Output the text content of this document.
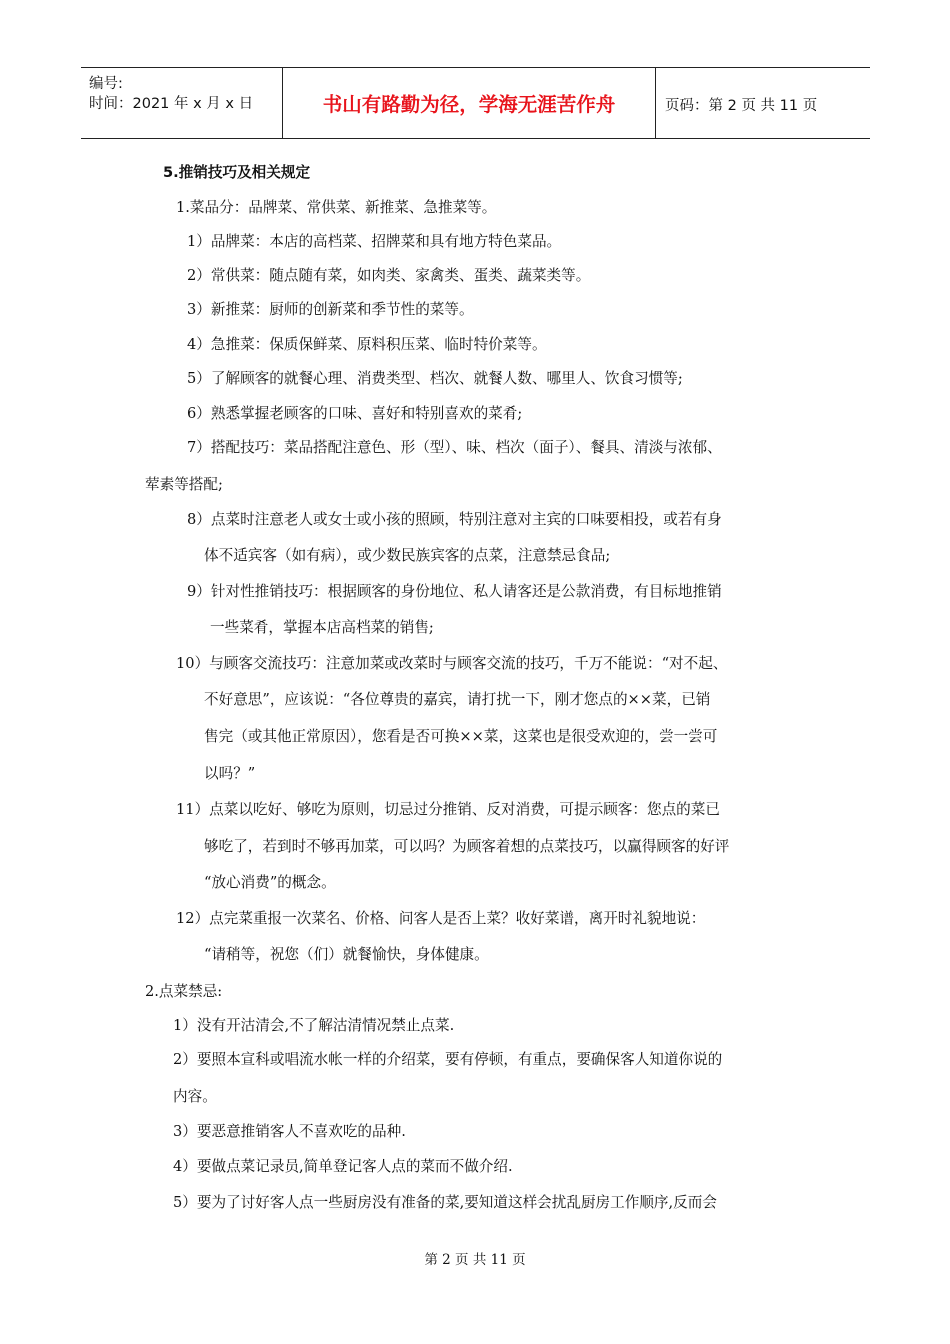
编号:
时间：2021 年 x 月 x 日	书山有路勤为径，学海无涯苦作舟	页码：第 2 页 共 11 页
5.推销技巧及相关规定
1.菜品分：品牌菜、常供菜、新推菜、急推菜等。
1）品牌菜：本店的高档菜、招牌菜和具有地方特色菜品。
2）常供菜：随点随有菜，如肉类、家禽类、蛋类、蔬菜类等。
3）新推菜：厨师的创新菜和季节性的菜等。
4）急推菜：保质保鲜菜、原料积压菜、临时特价菜等。
5）了解顾客的就餐心理、消费类型、档次、就餐人数、哪里人、饮食习惯等;
6）熟悉掌握老顾客的口味、喜好和特别喜欢的菜肴;
7）搭配技巧：菜品搭配注意色、形（型）、味、档次（面子）、餐具、清淡与浓郁、
荤素等搭配;
8）点菜时注意老人或女士或小孩的照顾，特别注意对主宾的口味要相投，或若有身
体不适宾客（如有病），或少数民族宾客的点菜，注意禁忌食品;
9）针对性推销技巧：根据顾客的身份地位、私人请客还是公款消费，有目标地推销
一些菜肴，掌握本店高档菜的销售;
10）与顾客交流技巧：注意加菜或改菜时与顾客交流的技巧，千万不能说：“对不起、
不好意思”，应该说：“各位尊贵的嘉宾，请打扰一下，刚才您点的××菜，已销
售完（或其他正常原因），您看是否可换××菜，这菜也是很受欢迎的，尝一尝可
以吗？”
11）点菜以吃好、够吃为原则，切忌过分推销、反对消费，可提示顾客：您点的菜已
够吃了，若到时不够再加菜，可以吗？为顾客着想的点菜技巧，以赢得顾客的好评
“放心消费”的概念。
12）点完菜重报一次菜名、价格、问客人是否上菜？收好菜谱，离开时礼貌地说：
“请稍等，祝您（们）就餐愉快，身体健康。
2.点菜禁忌:
1）没有开沽清会,不了解沽清情况禁止点菜.
2）要照本宣科或唱流水帐一样的介绍菜，要有停顿，有重点，要确保客人知道你说的
内容。
3）要恶意推销客人不喜欢吃的品种.
4）要做点菜记录员,简单登记客人点的菜而不做介绍.
5）要为了讨好客人点一些厨房没有准备的菜,要知道这样会扰乱厨房工作顺序,反而会
第 2 页 共 11 页
